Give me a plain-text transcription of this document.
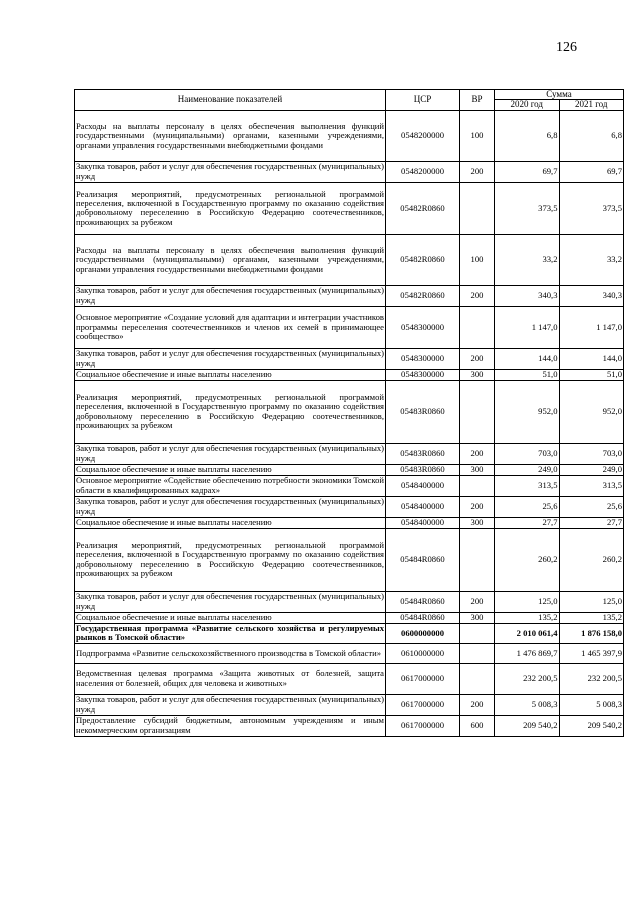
126
Наименование показателей	ЦСР	ВР	Сумма	
			2020 год	2021 год
Расходы на выплаты персоналу в целях обеспечения выполнения функций государственными (муниципальными) органами, казенными учреждениями, органами управления государственными внебюджетными фондами	0548200000	100	6,8	6,8
Закупка товаров, работ и услуг для обеспечения государственных (муниципальных) нужд	0548200000	200	69,7	69,7
Реализация мероприятий, предусмотренных региональной программой переселения, включенной в Государственную программу по оказанию содействия добровольному переселению в Российскую Федерацию соотечественников, проживающих за рубежом	05482R0860		373,5	373,5
Расходы на выплаты персоналу в целях обеспечения выполнения функций государственными (муниципальными) органами, казенными учреждениями, органами управления государственными внебюджетными фондами	05482R0860	100	33,2	33,2
Закупка товаров, работ и услуг для обеспечения государственных (муниципальных) нужд	05482R0860	200	340,3	340,3
Основное мероприятие «Создание условий для адаптации и интеграции участников программы переселения соотечественников и членов их семей в принимающее сообщество»	0548300000		1 147,0	1 147,0
Закупка товаров, работ и услуг для обеспечения государственных (муниципальных) нужд	0548300000	200	144,0	144,0
Социальное обеспечение и иные выплаты населению	0548300000	300	51,0	51,0
Реализация мероприятий, предусмотренных региональной программой переселения, включенной в Государственную программу по оказанию содействия добровольному переселению в Российскую Федерацию соотечественников, проживающих за рубежом	05483R0860		952,0	952,0
Закупка товаров, работ и услуг для обеспечения государственных (муниципальных) нужд	05483R0860	200	703,0	703,0
Социальное обеспечение и иные выплаты населению	05483R0860	300	249,0	249,0
Основное мероприятие «Содействие обеспечению потребности экономики Томской области в квалифицированных кадрах»	0548400000		313,5	313,5
Закупка товаров, работ и услуг для обеспечения государственных (муниципальных) нужд	0548400000	200	25,6	25,6
Социальное обеспечение и иные выплаты населению	0548400000	300	27,7	27,7
Реализация мероприятий, предусмотренных региональной программой переселения, включенной в Государственную программу по оказанию содействия добровольному переселению в Российскую Федерацию соотечественников, проживающих за рубежом	05484R0860		260,2	260,2
Закупка товаров, работ и услуг для обеспечения государственных (муниципальных) нужд	05484R0860	200	125,0	125,0
Социальное обеспечение и иные выплаты населению	05484R0860	300	135,2	135,2
Государственная программа «Развитие сельского хозяйства и регулируемых рынков в Томской области»	0600000000		2 010 061,4	1 876 158,0
Подпрограмма «Развитие сельскохозяйственного производства в Томской области»	0610000000		1 476 869,7	1 465 397,9
Ведомственная целевая программа «Защита животных от болезней, защита населения от болезней, общих для человека и животных»	0617000000		232 200,5	232 200,5
Закупка товаров, работ и услуг для обеспечения государственных (муниципальных) нужд	0617000000	200	5 008,3	5 008,3
Предоставление субсидий бюджетным, автономным учреждениям и иным некоммерческим организациям	0617000000	600	209 540,2	209 540,2
